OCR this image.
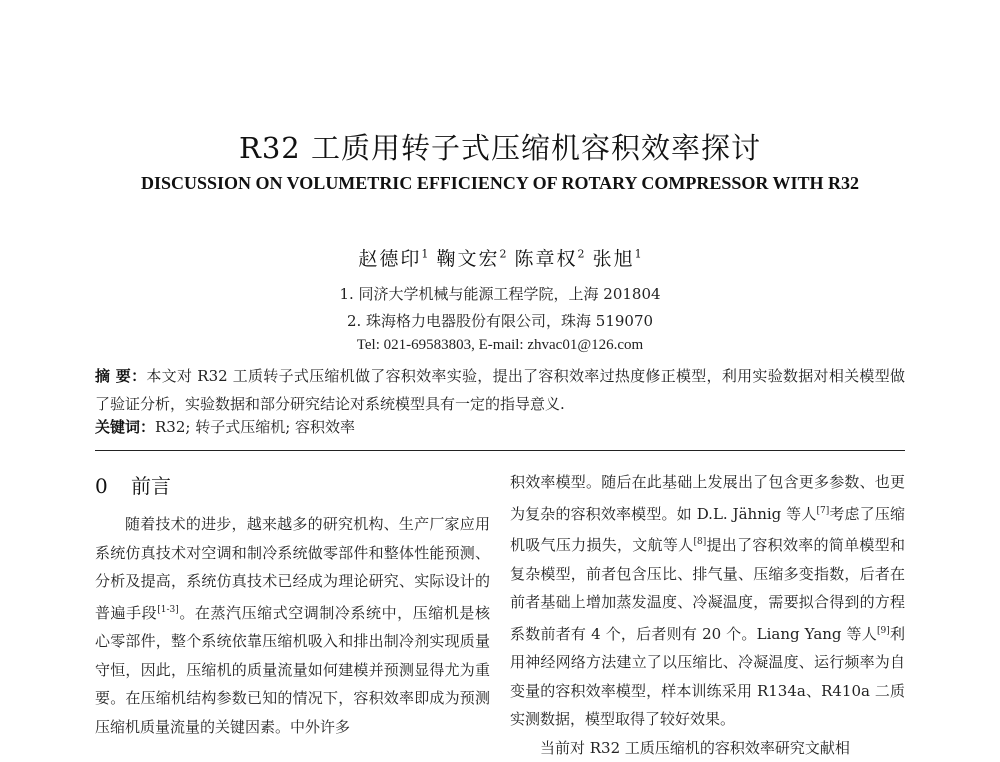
R32 工质用转子式压缩机容积效率探讨
DISCUSSION ON VOLUMETRIC EFFICIENCY OF ROTARY COMPRESSOR WITH R32
赵德印$^1$ 鞠文宏$^2$ 陈章权$^2$ 张旭$^1$
1. 同济大学机械与能源工程学院，上海 201804
2. 珠海格力电器股份有限公司，珠海 519070
Tel: 021-69583803, E-mail: zhvac01@126.com
摘 要：本文对 R32 工质转子式压缩机做了容积效率实验，提出了容积效率过热度修正模型，利用实验数据对相关模型做了验证分析，实验数据和部分研究结论对系统模型具有一定的指导意义.
关键词：R32; 转子式压缩机; 容积效率
0 前言

随着技术的进步，越来越多的研究机构、生产厂家应用系统仿真技术对空调和制冷系统做零部件和整体性能预测、分析及提高，系统仿真技术已经成为理论研究、实际设计的普遍手段[1-3]。在蒸汽压缩式空调制冷系统中，压缩机是核心零部件，整个系统依靠压缩机吸入和排出制冷剂实现质量守恒，因此，压缩机的质量流量如何建模并预测显得尤为重要。在压缩机结构参数已知的情况下，容积效率即成为预测压缩机质量流量的关键因素。中外许多

积效率模型。随后在此基础上发展出了包含更多参数、也更为复杂的容积效率模型。如 D.L. Jähnig 等人[7]考虑了压缩机吸气压力损失，文航等人[8]提出了容积效率的简单模型和复杂模型，前者包含压比、排气量、压缩多变指数，后者在前者基础上增加蒸发温度、冷凝温度，需要拟合得到的方程系数前者有 4 个，后者则有 20 个。Liang Yang 等人[9]利用神经网络方法建立了以压缩比、冷凝温度、运行频率为自变量的容积效率模型，样本训练采用 R134a、R410a 二质实测数据，模型取得了较好效果。

当前对 R32 工质压缩机的容积效率研究文献相
